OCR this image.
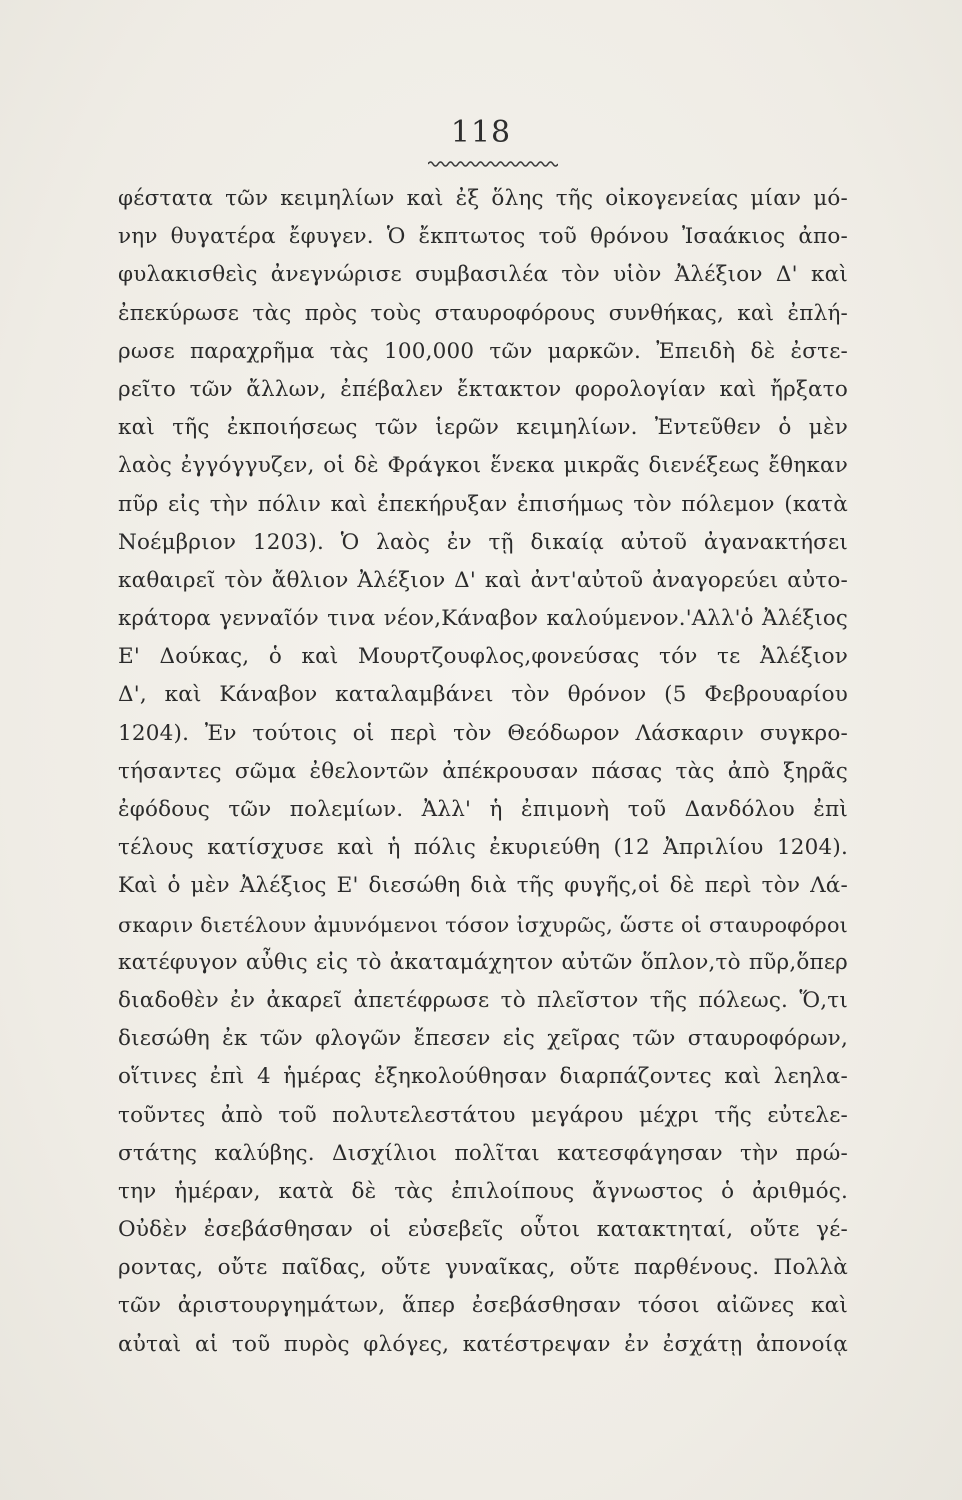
118
φέστατα τῶν κειμηλίων καὶ ἐξ ὅλης τῆς οἰκογενείας μίαν μό-
νην θυγατέρα ἔφυγεν. Ὁ ἔκπτωτος τοῦ θρόνου Ἰσαάκιος ἀπο-
φυλακισθεὶς ἀνεγνώρισε συμβασιλέα τὸν υἱὸν Ἀλέξιον Δ' καὶ
ἐπεκύρωσε τὰς πρὸς τοὺς σταυροφόρους συνθήκας, καὶ ἐπλή-
ρωσε παραχρῆμα τὰς 100,000 τῶν μαρκῶν. Ἐπειδὴ δὲ ἐστε-
ρεῖτο τῶν ἄλλων, ἐπέβαλεν ἔκτακτον φορολογίαν καὶ ἤρξατο
καὶ τῆς ἐκποιήσεως τῶν ἱερῶν κειμηλίων. Ἐντεῦθεν ὁ μὲν
λαὸς ἐγγόγγυζεν, οἱ δὲ Φράγκοι ἕνεκα μικρᾶς διενέξεως ἔθηκαν
πῦρ εἰς τὴν πόλιν καὶ ἐπεκήρυξαν ἐπισήμως τὸν πόλεμον (κατὰ
Νοέμβριον 1203). Ὁ λαὸς ἐν τῇ δικαίᾳ αὐτοῦ ἀγανακτήσει
καθαιρεῖ τὸν ἄθλιον Ἀλέξιον Δ' καὶ ἀντ'αὐτοῦ ἀναγορεύει αὐτο-
κράτορα γενναῖόν τινα νέον,Κάναβον καλούμενον.'Αλλ'ὁ Ἀλέξιος
Ε' Δούκας, ὁ καὶ Μουρτζουφλος,φονεύσας τόν τε Ἀλέξιον
Δ', καὶ Κάναβον καταλαμβάνει τὸν θρόνον (5 Φεβρουαρίου
1204). Ἐν τούτοις οἱ περὶ τὸν Θεόδωρον Λάσκαριν συγκρο-
τήσαντες σῶμα ἐθελοντῶν ἀπέκρουσαν πάσας τὰς ἀπὸ ξηρᾶς
ἐφόδους τῶν πολεμίων. Ἀλλ' ἡ ἐπιμονὴ τοῦ Δανδόλου ἐπὶ
τέλους κατίσχυσε καὶ ἡ πόλις ἐκυριεύθη (12 Ἀπριλίου 1204).
Καὶ ὁ μὲν Ἀλέξιος Ε' διεσώθη διὰ τῆς φυγῆς,οἱ δὲ περὶ τὸν Λά-
σκαριν διετέλουν ἀμυνόμενοι τόσον ἰσχυρῶς, ὥστε οἱ σταυροφόροι
κατέφυγον αὖθις εἰς τὸ ἀκαταμάχητον αὐτῶν ὅπλον,τὸ πῦρ,ὅπερ
διαδοθὲν ἐν ἀκαρεῖ ἀπετέφρωσε τὸ πλεῖστον τῆς πόλεως. Ὅ,τι
διεσώθη ἐκ τῶν φλογῶν ἔπεσεν εἰς χεῖρας τῶν σταυροφόρων,
οἵτινες ἐπὶ 4 ἡμέρας ἐξηκολούθησαν διαρπάζοντες καὶ λεηλα-
τοῦντες ἀπὸ τοῦ πολυτελεστάτου μεγάρου μέχρι τῆς εὐτελε-
στάτης καλύβης. Δισχίλιοι πολῖται κατεσφάγησαν τὴν πρώ-
την ἡμέραν, κατὰ δὲ τὰς ἐπιλοίπους ἄγνωστος ὁ ἀριθμός.
Οὐδὲν ἐσεβάσθησαν οἱ εὐσεβεῖς οὗτοι κατακτηταί, οὔτε γέ-
ροντας, οὔτε παῖδας, οὔτε γυναῖκας, οὔτε παρθένους. Πολλὰ
τῶν ἀριστουργημάτων, ἅπερ ἐσεβάσθησαν τόσοι αἰῶνες καὶ
αὐταὶ αἱ τοῦ πυρὸς φλόγες, κατέστρεψαν ἐν ἐσχάτῃ ἀπονοίᾳ
